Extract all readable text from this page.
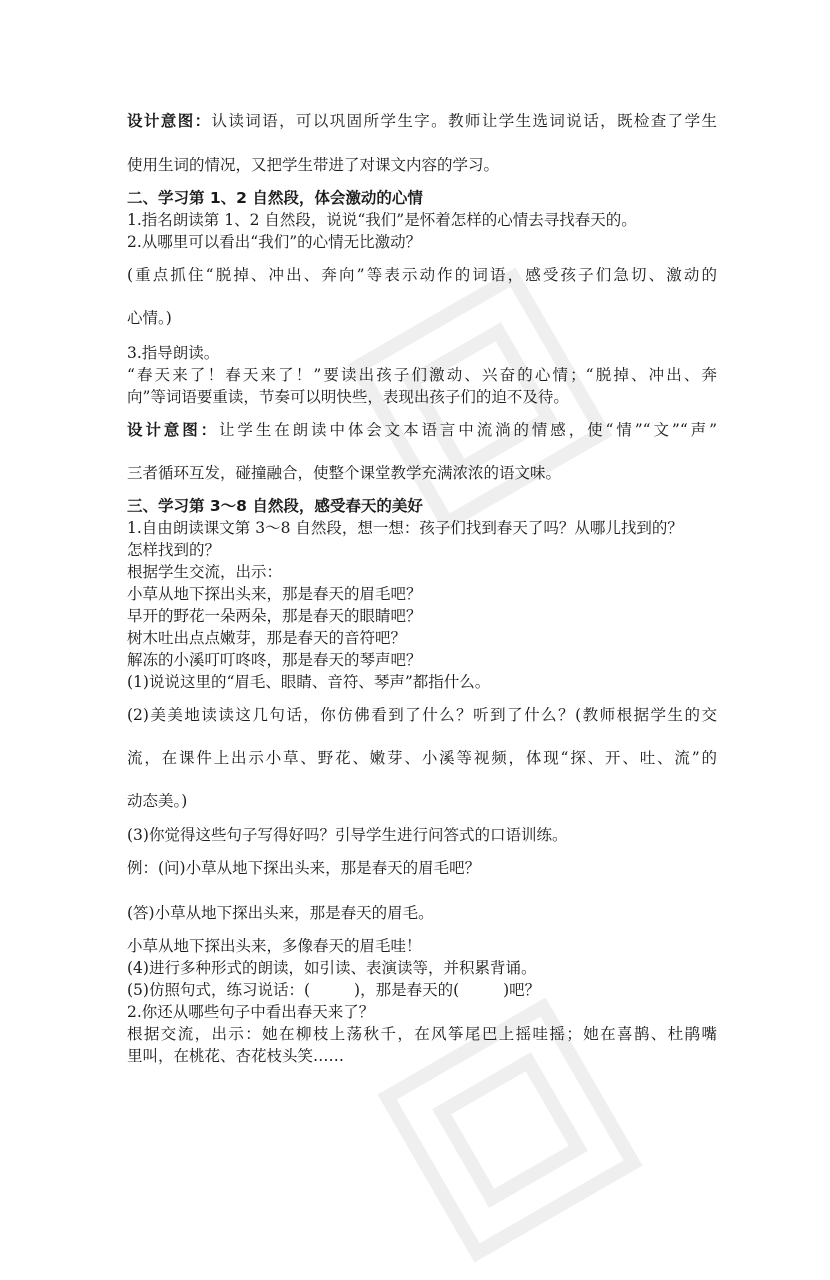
设计意图：认读词语，可以巩固所学生字。教师让学生选词说话，既检查了学生
使用生词的情况，又把学生带进了对课文内容的学习。
二、学习第 1、2 自然段，体会激动的心情
1.指名朗读第 1、2 自然段，说说“我们”是怀着怎样的心情去寻找春天的。
2.从哪里可以看出“我们”的心情无比激动？
(重点抓住“脱掉、冲出、奔向”等表示动作的词语，感受孩子们急切、激动的
心情。)
3.指导朗读。
“春天来了！春天来了！”要读出孩子们激动、兴奋的心情；“脱掉、冲出、奔
向”等词语要重读，节奏可以明快些，表现出孩子们的迫不及待。
设计意图：让学生在朗读中体会文本语言中流淌的情感，使“情”“文”“声”
三者循环互发，碰撞融合，使整个课堂教学充满浓浓的语文味。
三、学习第 3～8 自然段，感受春天的美好
1.自由朗读课文第 3～8 自然段，想一想：孩子们找到春天了吗？从哪儿找到的？
怎样找到的？
根据学生交流，出示：
小草从地下探出头来，那是春天的眉毛吧？
早开的野花一朵两朵，那是春天的眼睛吧？
树木吐出点点嫩芽，那是春天的音符吧？
解冻的小溪叮叮咚咚，那是春天的琴声吧？
(1)说说这里的“眉毛、眼睛、音符、琴声”都指什么。
(2)美美地读读这几句话，你仿佛看到了什么？听到了什么？(教师根据学生的交
流，在课件上出示小草、野花、嫩芽、小溪等视频，体现“探、开、吐、流”的
动态美。)
(3)你觉得这些句子写得好吗？引导学生进行问答式的口语训练。
例：(问)小草从地下探出头来，那是春天的眉毛吧？
(答)小草从地下探出头来，那是春天的眉毛。
小草从地下探出头来，多像春天的眉毛哇！
(4)进行多种形式的朗读，如引读、表演读等，并积累背诵。
(5)仿照句式，练习说话：(	)，那是春天的(	)吧？
2.你还从哪些句子中看出春天来了？
根据交流，出示：她在柳枝上荡秋千，在风筝尾巴上摇哇摇；她在喜鹊、杜鹃嘴
里叫，在桃花、杏花枝头笑……
